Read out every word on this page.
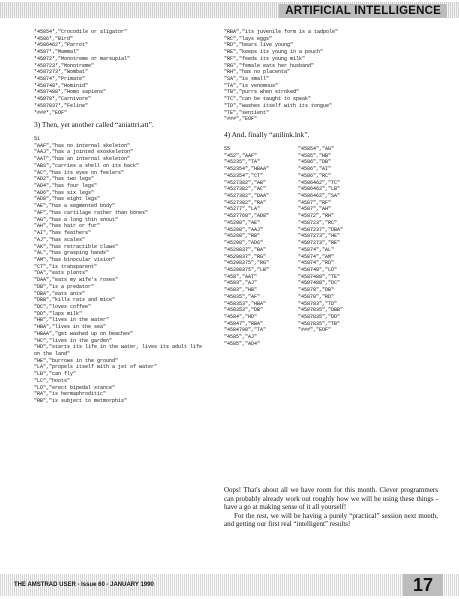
ARTIFICIAL INTELLIGENCE
*45854*,"Crocodile or aligator"
*4586*,"Bird"
*4586462*,"Parrot"
*4587*,"Mammal"
*45872*,"Monotreme or marsupial"
*458723*,"Monotreme"
*4587273*,"Wombat"
*45874*,"Primate"
*458748*,"Hominid"
*4587488*,"Homo sapiens"
*45878*,"Carnivore"
*4587837*,"Feline"
*###*,"EOF"
3) Then, yet another called “aniattri.att”.
51
"AAF","has no internal skeleton"
"AAJ","has a jointed exoskeleton"
"AAT","has an internal skeleton"
"ABS","carries a shell on its back"
"AC","has its eyes on feelers"
"AD2","has two legs"
"AD4","has four legs"
"AD6","has six legs"
"AD8","has eight legs"
"AE","has a segmented body"
"AF","has cartilage rather than bones"
"AG","has a long thin snout"
"AH","has hair or fur"
"AI","has feathers"
"AJ","has scales"
"AK","has retractible claws"
"AL","has grasping hands"
"AM","has binocular vision"
"CT","is transparent"
"DA","eats plants"
"DAA","eats my wife's roses"
"DB","is a predator"
"DBA","eats ants"
"DBB","kills rats and mice"
"DC","loves coffee"
"DD","laps milk"
"HB","lives in the water"
"HBA","lives in the sea"
"HBAA","get washed up on beaches"
"HC","lives in the garden"
"HD","starts its life in the water, lives its adult life
on the land"
"HE","burrows in the ground"
"LA","propels itself with a jet of water"
"LB","can fly"
"LC","hoots"
"LD","erect bipedal stance"
"RA","is hermaphroditic"
"RB","is subject to metmorphis"
"RBA","its juvenile form is a tadpole"
"RC","lays eggs"
"RD","bears live young"
"RE","keeps its young in a pouch"
"RF","feeds its young milk"
"RG","female eats her husband"
"RH","has no placenta"
"SA","is small"
"TA","is venomous"
"TB","purrs when stroked"
"TC","can be taught to speak"
"TD","washes itself with its tongue"
"TE","sentient"
"###","EOF"
4) And, finally “anilink.lnk”.
55
"452","AAF"
"45235","TA"
"452354","HBAA"
"452354","CT"
"4527382","AB"
"4527382","AC"
"4527382","DAA"
"4527382","RA"
"45277","LA"
"4527768","AD8"
"45298","AE"
"45298","AAJ"
"45298","RB"
"45298","AD6"
"4529837","BA"
"4529837","RG"
"45298375","RG"
"45298375","LB"
"458","AAT"
"4583","AJ"
"4583","HB"
"45835","AF"
"458353","HBA"
"458353","DB"
"4584","HD"
"45847","RBA"
"4584798","TA"
"4585","AJ"
"4585","AD4"
"45854","AG"
"4585","HB"
"4586","DB"
"4586","AI"
"4586","RC"
"4586462","TC"
"4586462","LB"
"4586462","SA"
"4587","RF"
"4587","AH"
"45872","RH"
"458723","RC"
"4587237","DBA"
"4587273","HE"
"4587273","RE"
"45874","AL"
"45874","AM"
"45874","RD"
"458748","LD"
"4587488","TE"
"4587488","DC"
"45878","DB"
"45878","RD"
"458783","TD"
"4587835","DBB"
"4587835","DD"
"4587835","TB"
"###","EOF"

Oops! That's about all we have room for this month. Clever programmers can probably already work out roughly how we will be using these things - have a go at making sense of it all yourself!

For the rest, we will be having a purely “practical” session next month, and getting our first real “intelligent” results!

THE AMSTRAD USER - Issue 60 - JANUARY 1990	17
